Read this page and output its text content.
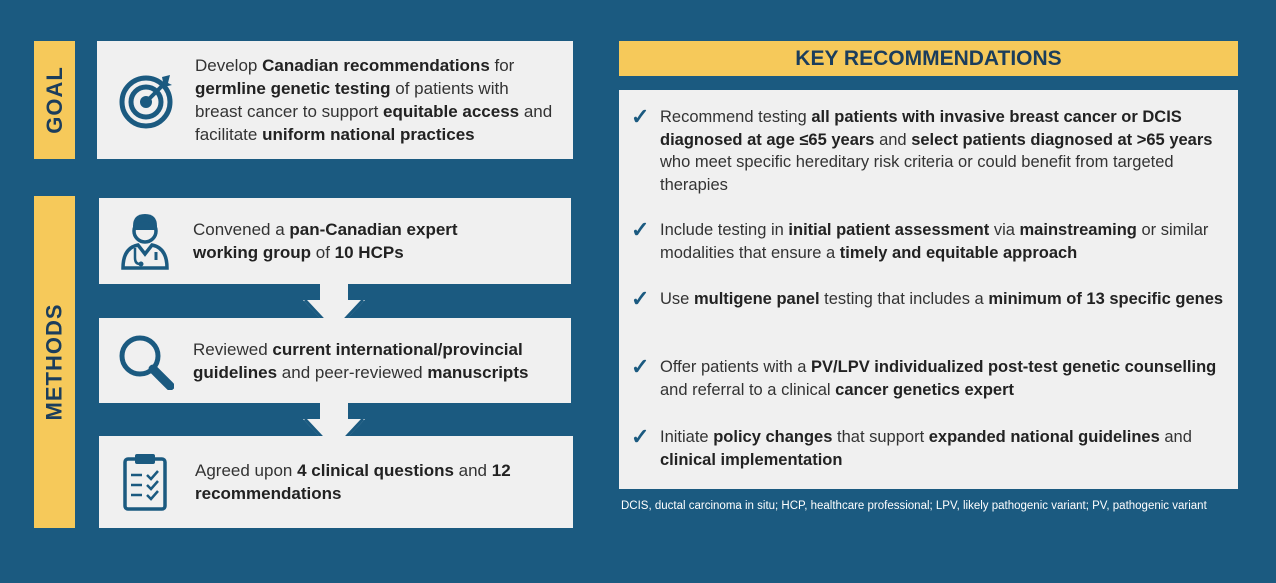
GOAL
Develop Canadian recommendations for germline genetic testing of patients with breast cancer to support equitable access and facilitate uniform national practices
METHODS
Convened a pan-Canadian expert working group of 10 HCPs
Reviewed current international/provincial guidelines and peer-reviewed manuscripts
Agreed upon 4 clinical questions and 12 recommendations
KEY RECOMMENDATIONS
✓ Recommend testing all patients with invasive breast cancer or DCIS diagnosed at age ≤65 years and select patients diagnosed at >65 years who meet specific hereditary risk criteria or could benefit from targeted therapies
✓ Include testing in initial patient assessment via mainstreaming or similar modalities that ensure a timely and equitable approach
✓ Use multigene panel testing that includes a minimum of 13 specific genes
✓ Offer patients with a PV/LPV individualized post-test genetic counselling and referral to a clinical cancer genetics expert
✓ Initiate policy changes that support expanded national guidelines and clinical implementation
DCIS, ductal carcinoma in situ; HCP, healthcare professional; LPV, likely pathogenic variant; PV, pathogenic variant
